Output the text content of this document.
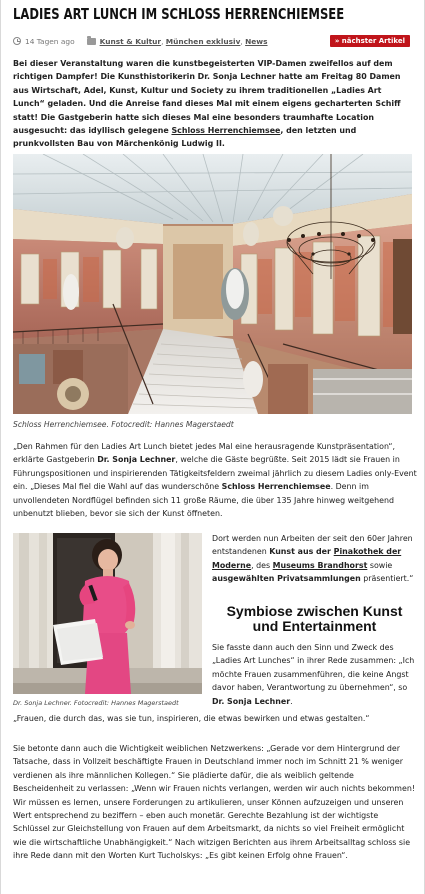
LADIES ART LUNCH IM SCHLOSS HERRENCHIEMSEE
14 Tagen ago	Kunst & Kultur, München exklusiv, News	» nächster Artikel

Bei dieser Veranstaltung waren die kunstbegeisterten VIP-Damen zweifellos auf dem richtigen Dampfer! Die Kunsthistorikerin Dr. Sonja Lechner hatte am Freitag 80 Damen aus Wirtschaft, Adel, Kunst, Kultur und Society zu ihrem traditionellen „Ladies Art Lunch“ geladen. Und die Anreise fand dieses Mal mit einem eigens gecharterten Schiff statt! Die Gastgeberin hatte sich dieses Mal eine besonders traumhafte Location ausgesucht: das idyllisch gelegene Schloss Herrenchiemsee, den letzten und prunkvollsten Bau von Märchenkönig Ludwig II.

Schloss Herrenchiemsee. Fotocredit: Hannes Magerstaedt

„Den Rahmen für den Ladies Art Lunch bietet jedes Mal eine herausragende Kunstpräsentation“, erklärte Gastgeberin Dr. Sonja Lechner, welche die Gäste begrüßte. Seit 2015 lädt sie Frauen in Führungspositionen und inspirierenden Tätigkeitsfeldern zweimal jährlich zu diesem Ladies only-Event ein. „Dieses Mal fiel die Wahl auf das wunderschöne Schloss Herrenchiemsee. Denn im unvollendeten Nordflügel befinden sich 11 große Räume, die über 135 Jahre hinweg weitgehend unbenutzt blieben, bevor sie sich der Kunst öffneten.

Dr. Sonja Lechner. Fotocredit: Hannes Magerstaedt

Dort werden nun Arbeiten der seit den 60er Jahren entstandenen Kunst aus der Pinakothek der Moderne, des Museums Brandhorst sowie ausgewählten Privatsammlungen präsentiert.“

Symbiose zwischen Kunst und Entertainment

Sie fasste dann auch den Sinn und Zweck des „Ladies Art Lunches“ in ihrer Rede zusammen: „Ich möchte Frauen zusammenführen, die keine Angst davor haben, Verantwortung zu übernehmen“, so Dr. Sonja Lechner.

„Frauen, die durch das, was sie tun, inspirieren, die etwas bewirken und etwas gestalten.“

Sie betonte dann auch die Wichtigkeit weiblichen Netzwerkens: „Gerade vor dem Hintergrund der Tatsache, dass in Vollzeit beschäftigte Frauen in Deutschland immer noch im Schnitt 21 % weniger verdienen als ihre männlichen Kollegen.“ Sie plädierte dafür, die als weiblich geltende Bescheidenheit zu verlassen: „Wenn wir Frauen nichts verlangen, werden wir auch nichts bekommen! Wir müssen es lernen, unsere Forderungen zu artikulieren, unser Können aufzuzeigen und unseren Wert entsprechend zu beziffern – eben auch monetär. Gerechte Bezahlung ist der wichtigste Schlüssel zur Gleichstellung von Frauen auf dem Arbeitsmarkt, da nichts so viel Freiheit ermöglicht wie die wirtschaftliche Unabhängigkeit.“ Nach witzigen Berichten aus ihrem Arbeitsalltag schloss sie ihre Rede dann mit den Worten Kurt Tucholskys: „Es gibt keinen Erfolg ohne Frauen“.
